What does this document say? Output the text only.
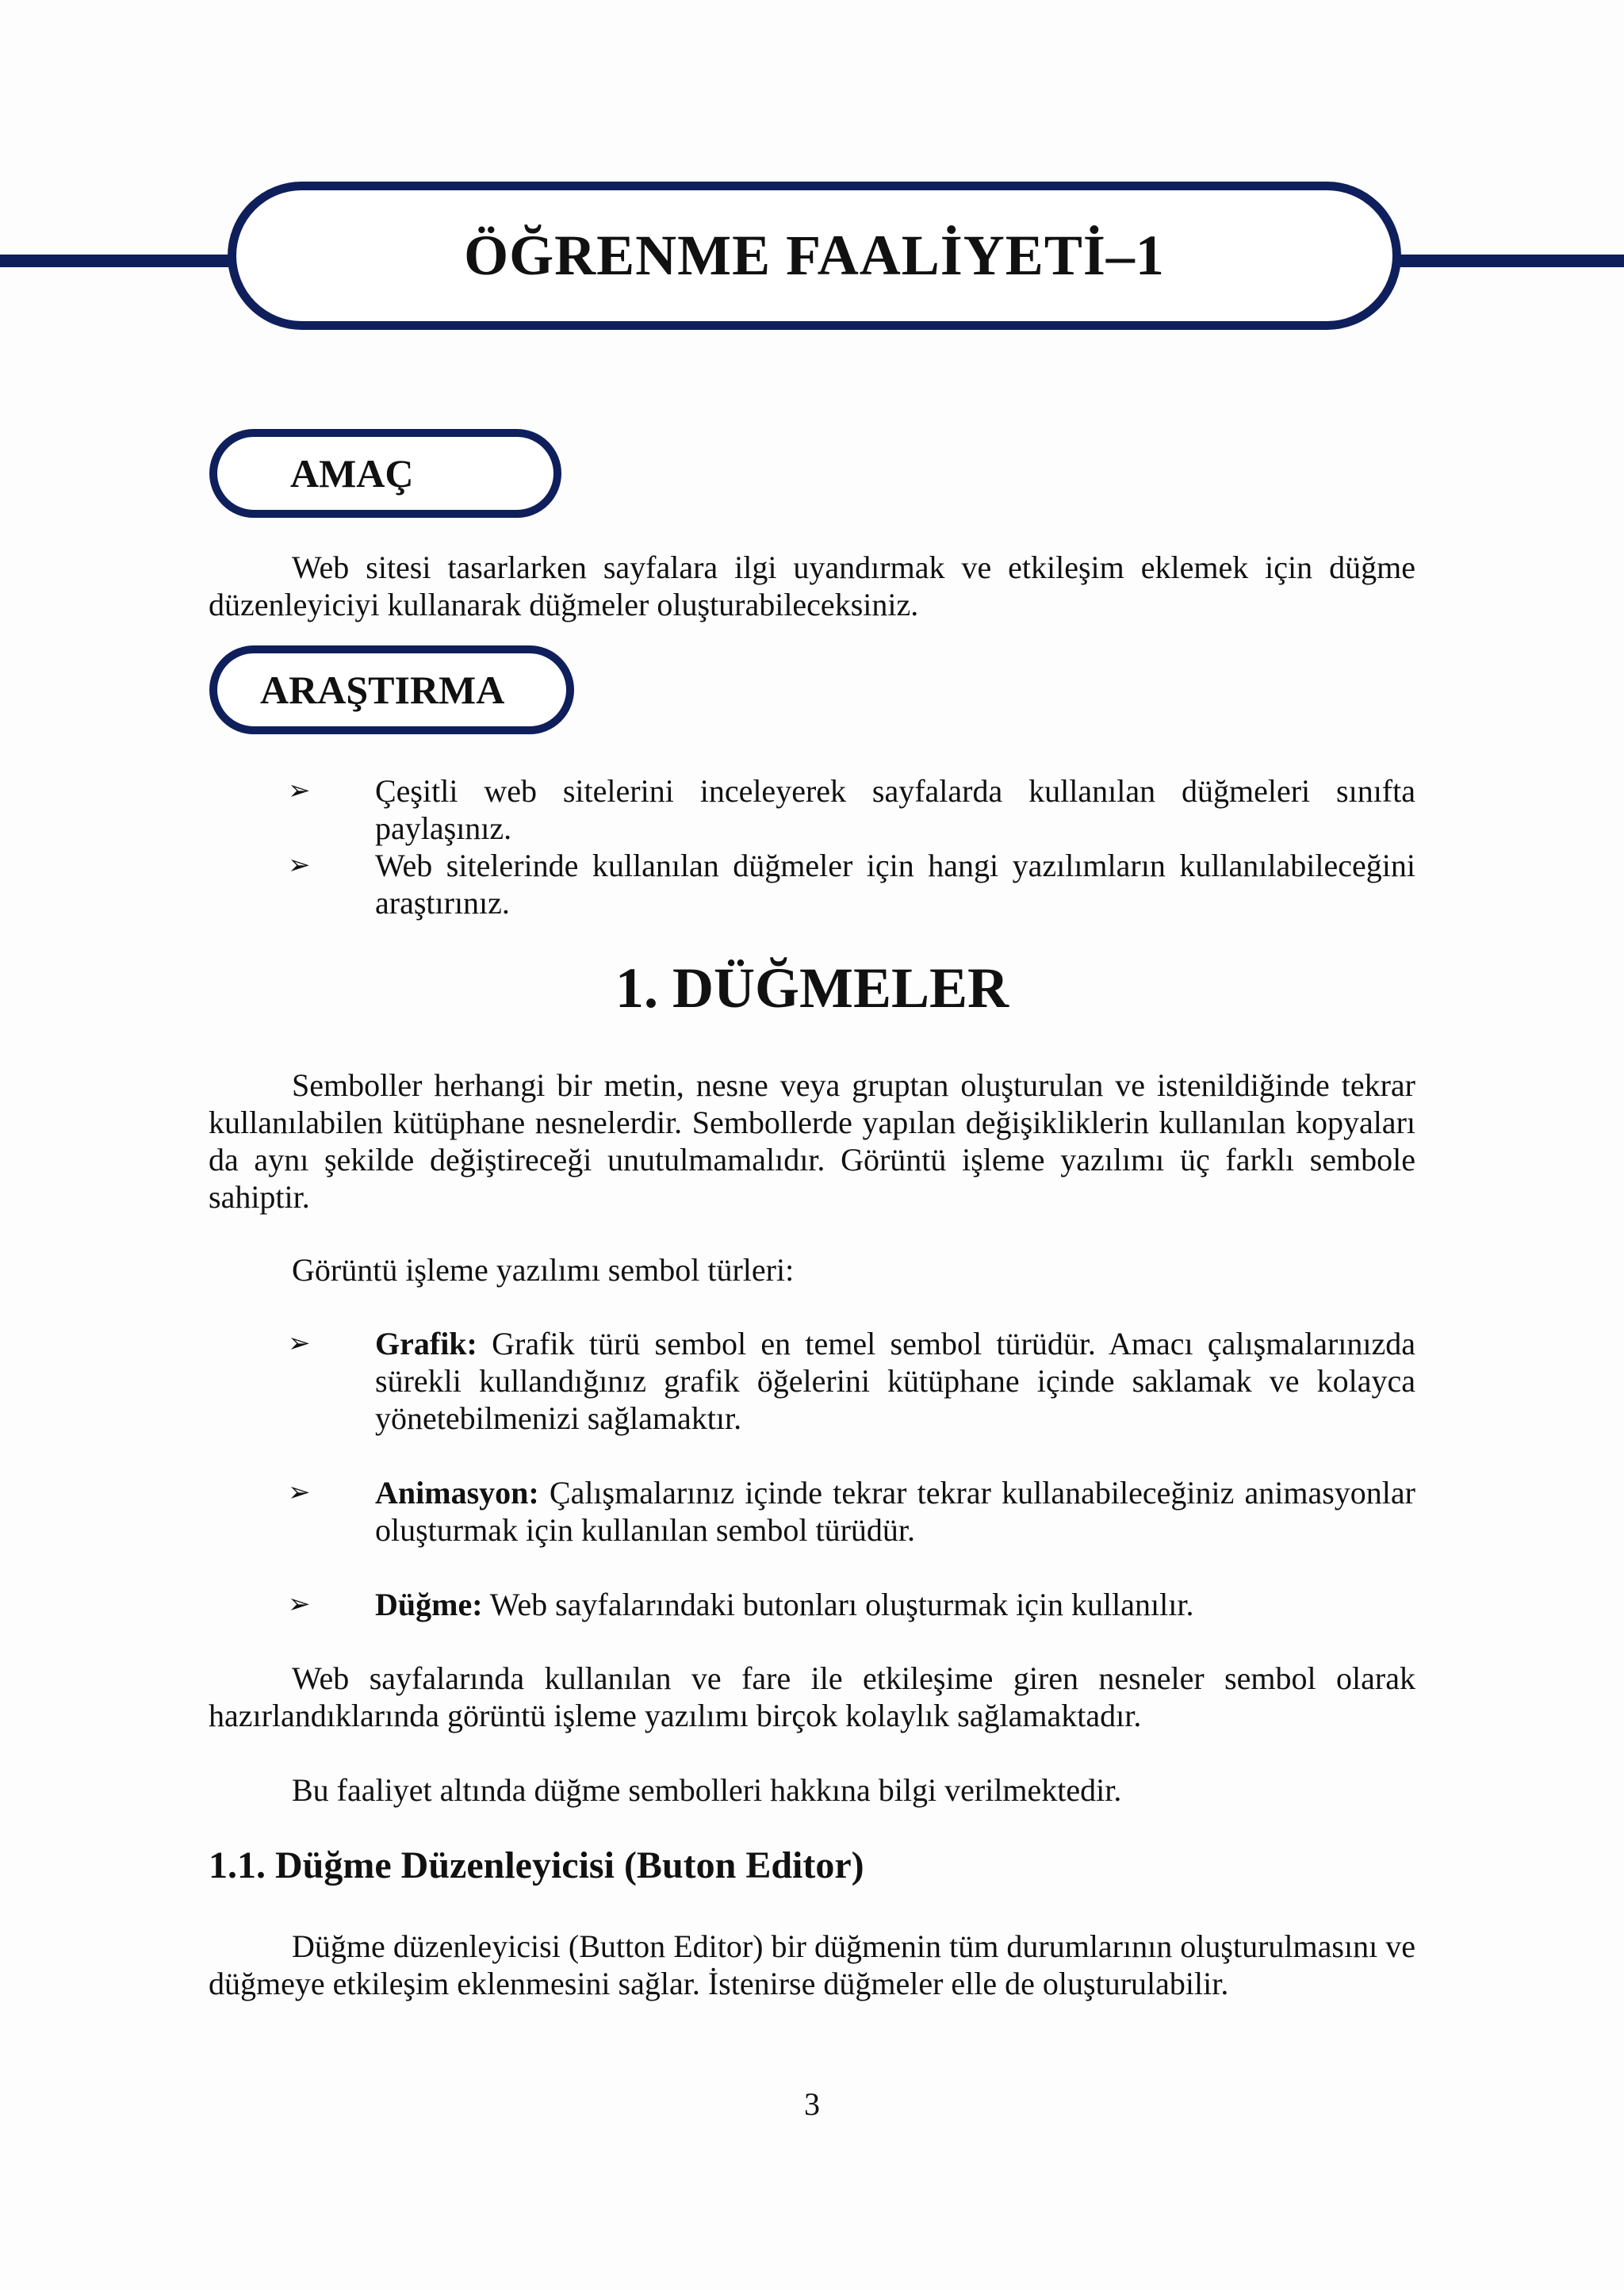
ÖĞRENME FAALİYETİ–1
AMAÇ
Web sitesi tasarlarken sayfalara ilgi uyandırmak ve etkileşim eklemek için düğme düzenleyiciyi kullanarak düğmeler oluşturabileceksiniz.
ARAŞTIRMA
➢ Çeşitli web sitelerini inceleyerek sayfalarda kullanılan düğmeleri sınıfta paylaşınız.
➢ Web sitelerinde kullanılan düğmeler için hangi yazılımların kullanılabileceğini araştırınız.
1. DÜĞMELER
Semboller herhangi bir metin, nesne veya gruptan oluşturulan ve istenildiğinde tekrar kullanılabilen kütüphane nesnelerdir. Sembollerde yapılan değişikliklerin kullanılan kopyaları da aynı şekilde değiştireceği unutulmamalıdır. Görüntü işleme yazılımı üç farklı sembole sahiptir.
Görüntü işleme yazılımı sembol türleri:
➢ Grafik: Grafik türü sembol en temel sembol türüdür. Amacı çalışmalarınızda sürekli kullandığınız grafik öğelerini kütüphane içinde saklamak ve kolayca yönetebilmenizi sağlamaktır.
➢ Animasyon: Çalışmalarınız içinde tekrar tekrar kullanabileceğiniz animasyonlar oluşturmak için kullanılan sembol türüdür.
➢ Düğme: Web sayfalarındaki butonları oluşturmak için kullanılır.
Web sayfalarında kullanılan ve fare ile etkileşime giren nesneler sembol olarak hazırlandıklarında görüntü işleme yazılımı birçok kolaylık sağlamaktadır.
Bu faaliyet altında düğme sembolleri hakkına bilgi verilmektedir.
1.1. Düğme Düzenleyicisi (Buton Editor)
Düğme düzenleyicisi (Button Editor) bir düğmenin tüm durumlarının oluşturulmasını ve düğmeye etkileşim eklenmesini sağlar. İstenirse düğmeler elle de oluşturulabilir.
3
